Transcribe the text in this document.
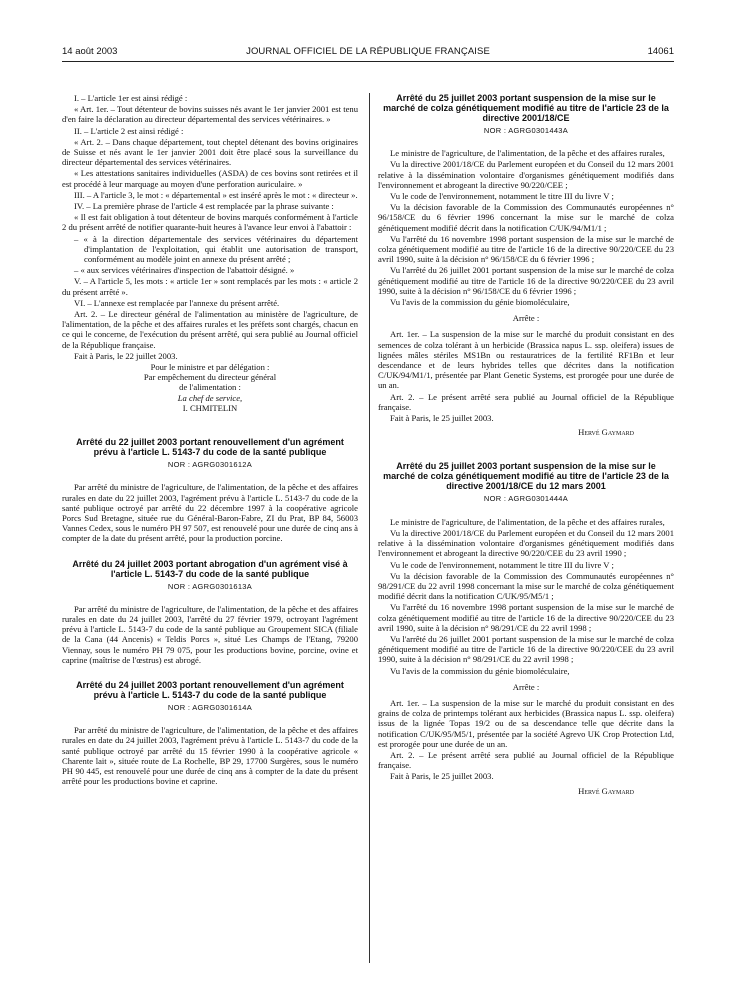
14 août 2003	JOURNAL OFFICIEL DE LA RÉPUBLIQUE FRANÇAISE	14061

I. – L'article 1er est ainsi rédigé :

« Art. 1er. – Tout détenteur de bovins suisses nés avant le 1er janvier 2001 est tenu d'en faire la déclaration au directeur départemental des services vétérinaires. »

II. – L'article 2 est ainsi rédigé :

« Art. 2. – Dans chaque département, tout cheptel détenant des bovins originaires de Suisse et nés avant le 1er janvier 2001 doit être placé sous la surveillance du directeur départemental des services vétérinaires.

« Les attestations sanitaires individuelles (ASDA) de ces bovins sont retirées et il est procédé à leur marquage au moyen d'une perforation auriculaire. »

III. – A l'article 3, le mot : « départemental » est inséré après le mot : « directeur ».

IV. – La première phrase de l'article 4 est remplacée par la phrase suivante :

« Il est fait obligation à tout détenteur de bovins marqués conformément à l'article 2 du présent arrêté de notifier quarante-huit heures à l'avance leur envoi à l'abattoir :

– « à la direction départementale des services vétérinaires du département d'implantation de l'exploitation, qui établit une autorisation de transport, conformément au modèle joint en annexe du présent arrêté ;

– « aux services vétérinaires d'inspection de l'abattoir désigné. »

V. – A l'article 5, les mots : « article 1er » sont remplacés par les mots : « article 2 du présent arrêté ».

VI. – L'annexe est remplacée par l'annexe du présent arrêté.

Art. 2. – Le directeur général de l'alimentation au ministère de l'agriculture, de l'alimentation, de la pêche et des affaires rurales et les préfets sont chargés, chacun en ce qui le concerne, de l'exécution du présent arrêté, qui sera publié au Journal officiel de la République française.

Fait à Paris, le 22 juillet 2003.

Pour le ministre et par délégation :
Par empêchement du directeur général
de l'alimentation :
La chef de service,
I. CHMITELIN
Arrêté du 22 juillet 2003 portant renouvellement d'un agrément prévu à l'article L. 5143-7 du code de la santé publique
NOR : AGRG0301612A

Par arrêté du ministre de l'agriculture, de l'alimentation, de la pêche et des affaires rurales en date du 22 juillet 2003, l'agrément prévu à l'article L. 5143-7 du code de la santé publique octroyé par arrêté du 22 décembre 1997 à la coopérative agricole Porcs Sud Bretagne, située rue du Général-Baron-Fabre, ZI du Prat, BP 84, 56003 Vannes Cedex, sous le numéro PH 97 507, est renouvelé pour une durée de cinq ans à compter de la date du présent arrêté, pour la production porcine.

Arrêté du 24 juillet 2003 portant abrogation d'un agrément visé à l'article L. 5143-7 du code de la santé publique
NOR : AGRG0301613A

Par arrêté du ministre de l'agriculture, de l'alimentation, de la pêche et des affaires rurales en date du 24 juillet 2003, l'arrêté du 27 février 1979, octroyant l'agrément prévu à l'article L. 5143-7 du code de la santé publique au Groupement SICA (filiale de la Cana (44 Ancenis) « Teldis Porcs », situé Les Champs de l'Etang, 79200 Viennay, sous le numéro PH 79 075, pour les productions bovine, porcine, ovine et caprine (maîtrise de l'œstrus) est abrogé.

Arrêté du 24 juillet 2003 portant renouvellement d'un agrément prévu à l'article L. 5143-7 du code de la santé publique
NOR : AGRG0301614A

Par arrêté du ministre de l'agriculture, de l'alimentation, de la pêche et des affaires rurales en date du 24 juillet 2003, l'agrément prévu à l'article L. 5143-7 du code de la santé publique octroyé par arrêté du 15 février 1990 à la coopérative agricole « Charente lait », située route de La Rochelle, BP 29, 17700 Surgères, sous le numéro PH 90 445, est renouvelé pour une durée de cinq ans à compter de la date du présent arrêté pour les productions bovine et caprine.

Arrêté du 25 juillet 2003 portant suspension de la mise sur le marché de colza génétiquement modifié au titre de l'article 23 de la directive 2001/18/CE
NOR : AGRG0301443A

Le ministre de l'agriculture, de l'alimentation, de la pêche et des affaires rurales,

Vu la directive 2001/18/CE du Parlement européen et du Conseil du 12 mars 2001 relative à la dissémination volontaire d'organismes génétiquement modifiés dans l'environnement et abrogeant la directive 90/220/CEE ;

Vu le code de l'environnement, notamment le titre III du livre V ;

Vu la décision favorable de la Commission des Communautés européennes n° 96/158/CE du 6 février 1996 concernant la mise sur le marché de colza génétiquement modifié décrit dans la notification C/UK/94/M1/1 ;

Vu l'arrêté du 16 novembre 1998 portant suspension de la mise sur le marché de colza génétiquement modifié au titre de l'article 16 de la directive 90/220/CEE du 23 avril 1990, suite à la décision n° 96/158/CE du 6 février 1996 ;

Vu l'arrêté du 26 juillet 2001 portant suspension de la mise sur le marché de colza génétiquement modifié au titre de l'article 16 de la directive 90/220/CEE du 23 avril 1990, suite à la décision n° 96/158/CE du 6 février 1996 ;

Vu l'avis de la commission du génie biomoléculaire,

Arrête :

Art. 1er. – La suspension de la mise sur le marché du produit consistant en des semences de colza tolérant à un herbicide (Brassica napus L. ssp. oleifera) issues de lignées mâles stériles MS1Bn ou restauratrices de la fertilité RF1Bn et leur descendance et de leurs hybrides telles que décrites dans la notification C/UK/94/M1/1, présentée par Plant Genetic Systems, est prorogée pour une durée de un an.

Art. 2. – Le présent arrêté sera publié au Journal officiel de la République française.

Fait à Paris, le 25 juillet 2003.

Hervé Gaymard
Arrêté du 25 juillet 2003 portant suspension de la mise sur le marché de colza génétiquement modifié au titre de l'article 23 de la directive 2001/18/CE du 12 mars 2001
NOR : AGRG0301444A

Le ministre de l'agriculture, de l'alimentation, de la pêche et des affaires rurales,

Vu la directive 2001/18/CE du Parlement européen et du Conseil du 12 mars 2001 relative à la dissémination volontaire d'organismes génétiquement modifiés dans l'environnement et abrogeant la directive 90/220/CEE du 23 avril 1990 ;

Vu le code de l'environnement, notamment le titre III du livre V ;

Vu la décision favorable de la Commission des Communautés européennes n° 98/291/CE du 22 avril 1998 concernant la mise sur le marché de colza génétiquement modifié décrit dans la notification C/UK/95/M5/1 ;

Vu l'arrêté du 16 novembre 1998 portant suspension de la mise sur le marché de colza génétiquement modifié au titre de l'article 16 de la directive 90/220/CEE du 23 avril 1990, suite à la décision n° 98/291/CE du 22 avril 1998 ;

Vu l'arrêté du 26 juillet 2001 portant suspension de la mise sur le marché de colza génétiquement modifié au titre de l'article 16 de la directive 90/220/CEE du 23 avril 1990, suite à la décision n° 98/291/CE du 22 avril 1998 ;

Vu l'avis de la commission du génie biomoléculaire,

Arrête :

Art. 1er. – La suspension de la mise sur le marché du produit consistant en des grains de colza de printemps tolérant aux herbicides (Brassica napus L. ssp. oleifera) issus de la lignée Topas 19/2 ou de sa descendance telle que décrite dans la notification C/UK/95/M5/1, présentée par la société Agrevo UK Crop Protection Ltd, est prorogée pour une durée de un an.

Art. 2. – Le présent arrêté sera publié au Journal officiel de la République française.

Fait à Paris, le 25 juillet 2003.

Hervé Gaymard
